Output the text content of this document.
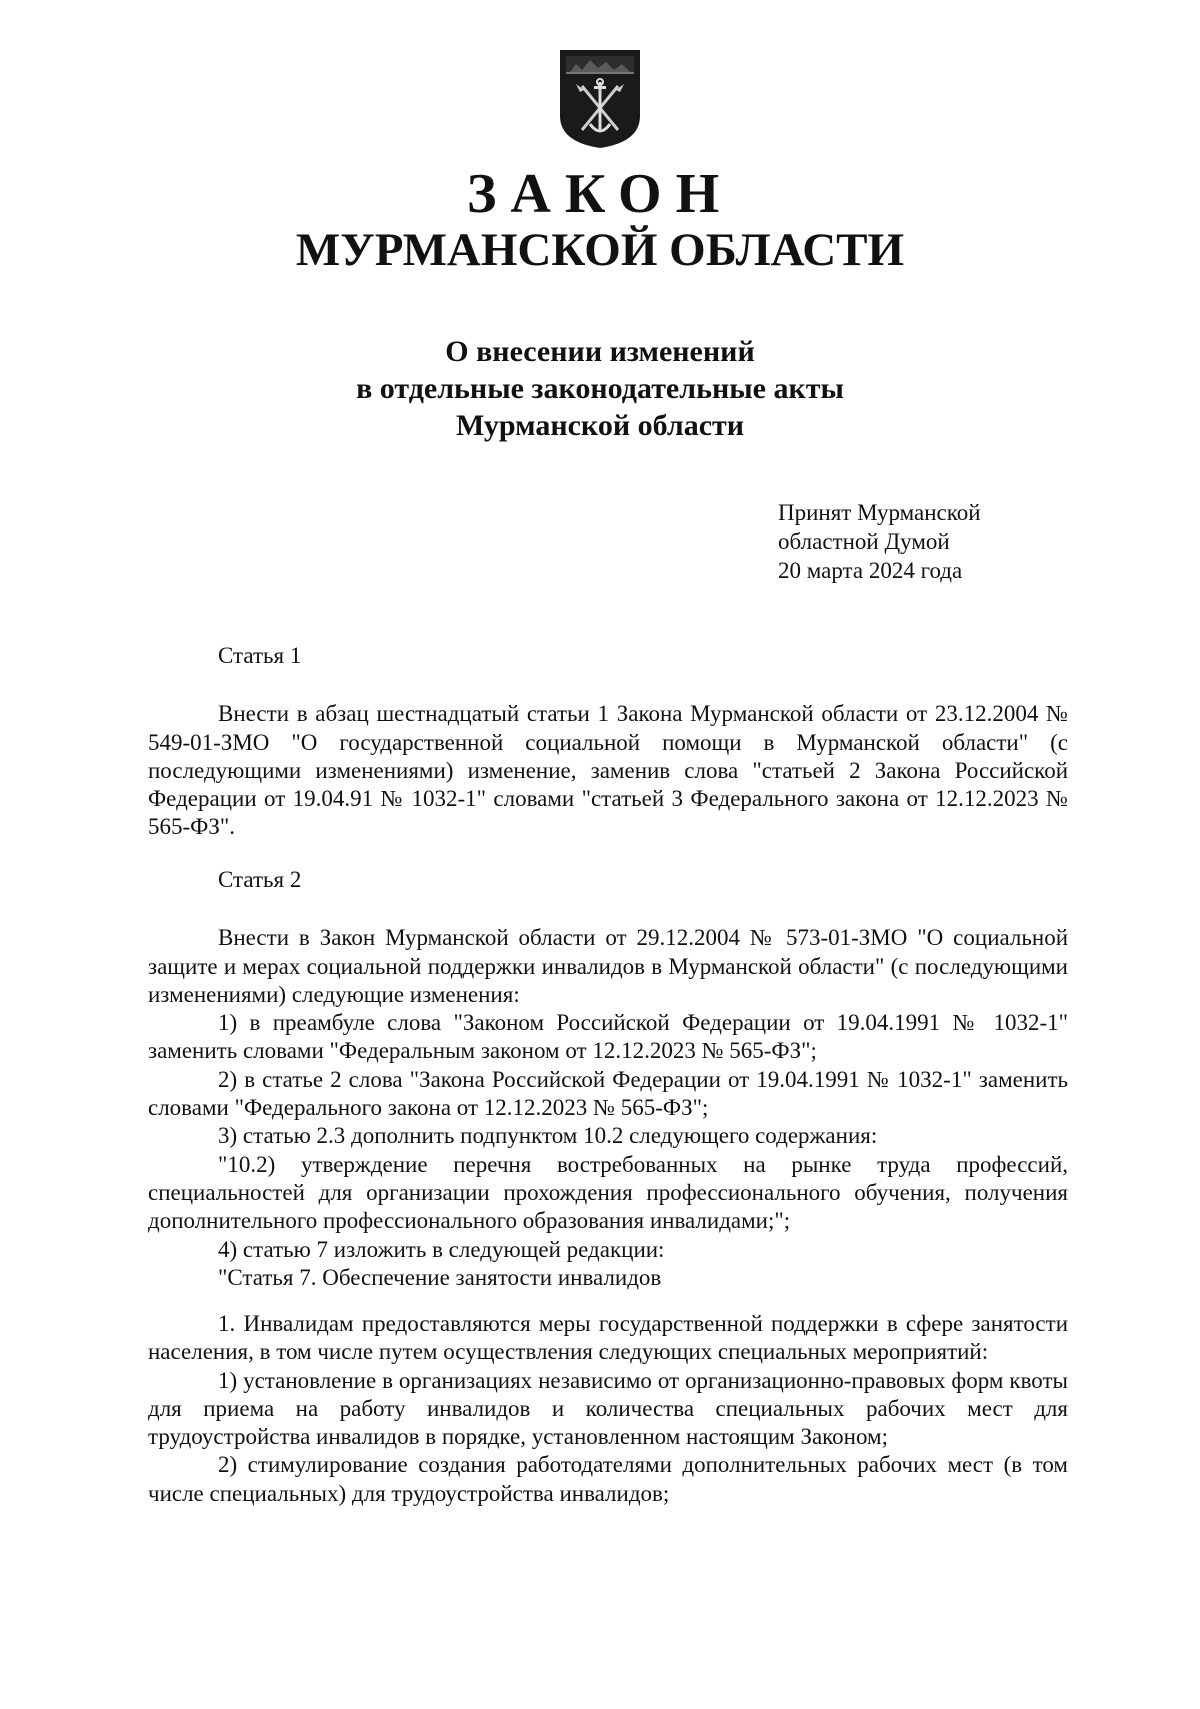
ЗАКОН
МУРМАНСКОЙ ОБЛАСТИ
О внесении изменений
в отдельные законодательные акты
Мурманской области
Принят Мурманской
областной Думой
20 марта 2024 года

Статья 1

Внести в абзац шестнадцатый статьи 1 Закона Мурманской области от 23.12.2004 № 549-01-ЗМО "О государственной социальной помощи в Мурманской области" (с последующими изменениями) изменение, заменив слова "статьей 2 Закона Российской Федерации от 19.04.91 № 1032-1" словами "статьей 3 Федерального закона от 12.12.2023 № 565-ФЗ".

Статья 2

Внести в Закон Мурманской области от 29.12.2004 № 573-01-ЗМО "О социальной защите и мерах социальной поддержки инвалидов в Мурманской области" (с последующими изменениями) следующие изменения:

1) в преамбуле слова "Законом Российской Федерации от 19.04.1991 № 1032-1" заменить словами "Федеральным законом от 12.12.2023 № 565-ФЗ";

2) в статье 2 слова "Закона Российской Федерации от 19.04.1991 № 1032-1" заменить словами "Федерального закона от 12.12.2023 № 565-ФЗ";

3) статью 2.3 дополнить подпунктом 10.2 следующего содержания:

"10.2) утверждение перечня востребованных на рынке труда профессий, специальностей для организации прохождения профессионального обучения, получения дополнительного профессионального образования инвалидами;";

4) статью 7 изложить в следующей редакции:

"Статья 7. Обеспечение занятости инвалидов

1. Инвалидам предоставляются меры государственной поддержки в сфере занятости населения, в том числе путем осуществления следующих специальных мероприятий:

1) установление в организациях независимо от организационно-правовых форм квоты для приема на работу инвалидов и количества специальных рабочих мест для трудоустройства инвалидов в порядке, установленном настоящим Законом;

2) стимулирование создания работодателями дополнительных рабочих мест (в том числе специальных) для трудоустройства инвалидов;
